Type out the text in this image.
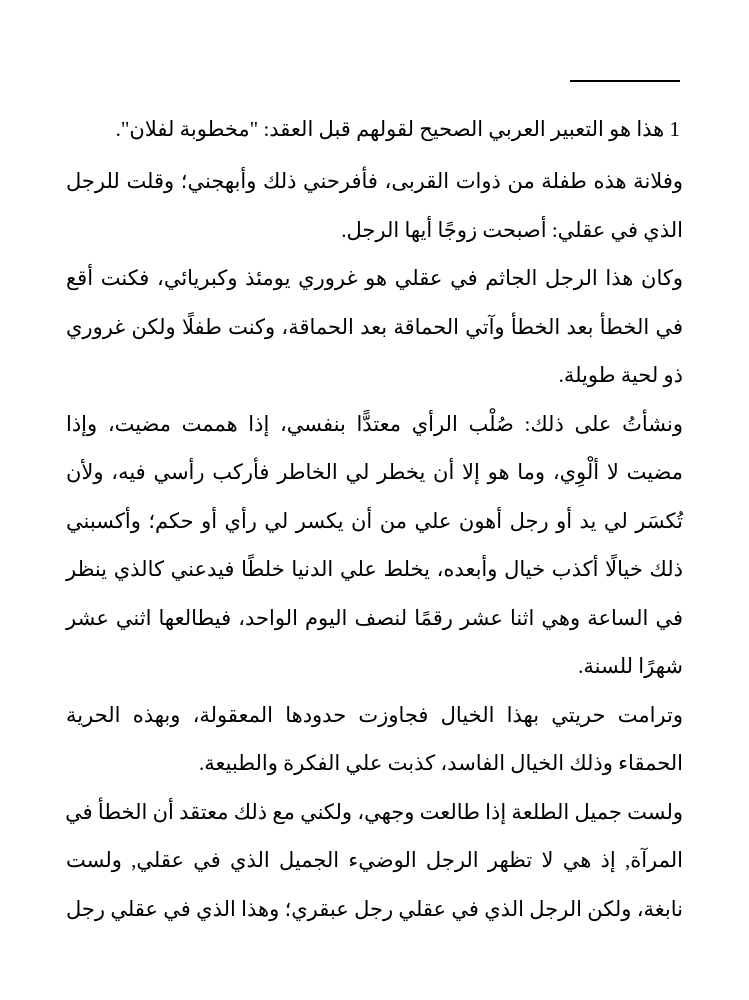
1 هذا هو التعبير العربي الصحيح لقولهم قبل العقد: "مخطوبة لفلان".
وفلانة هذه طفلة من ذوات القربى، فأفرحني ذلك وأبهجني؛ وقلت للرجل
الذي في عقلي: أصبحت زوجًا أيها الرجل.
وكان هذا الرجل الجاثم في عقلي هو غروري يومئذ وكبريائي، فكنت أقع
في الخطأ بعد الخطأ وآتي الحماقة بعد الحماقة، وكنت طفلًا ولكن غروري
ذو لحية طويلة.
ونشأتُ على ذلك: صُلْب الرأي معتدًّا بنفسي، إذا هممت مضيت، وإذا
مضيت لا ألْوِي، وما هو إلا أن يخطر لي الخاطر فأركب رأسي فيه، ولأن
تُكسَر لي يد أو رجل أهون علي من أن يكسر لي رأي أو حكم؛ وأكسبني
ذلك خيالًا أكذب خيال وأبعده، يخلط علي الدنيا خلطًا فيدعني كالذي ينظر
في الساعة وهي اثنا عشر رقمًا لنصف اليوم الواحد، فيطالعها اثني عشر
شهرًا للسنة.
وترامت حريتي بهذا الخيال فجاوزت حدودها المعقولة، وبهذه الحرية
الحمقاء وذلك الخيال الفاسد، كذبت علي الفكرة والطبيعة.
ولست جميل الطلعة إذا طالعت وجهي، ولكني مع ذلك معتقد أن الخطأ في
المرآة, إذ هي لا تظهر الرجل الوضيء الجميل الذي في عقلي, ولست
نابغة، ولكن الرجل الذي في عقلي رجل عبقري؛ وهذا الذي في عقلي رجل
